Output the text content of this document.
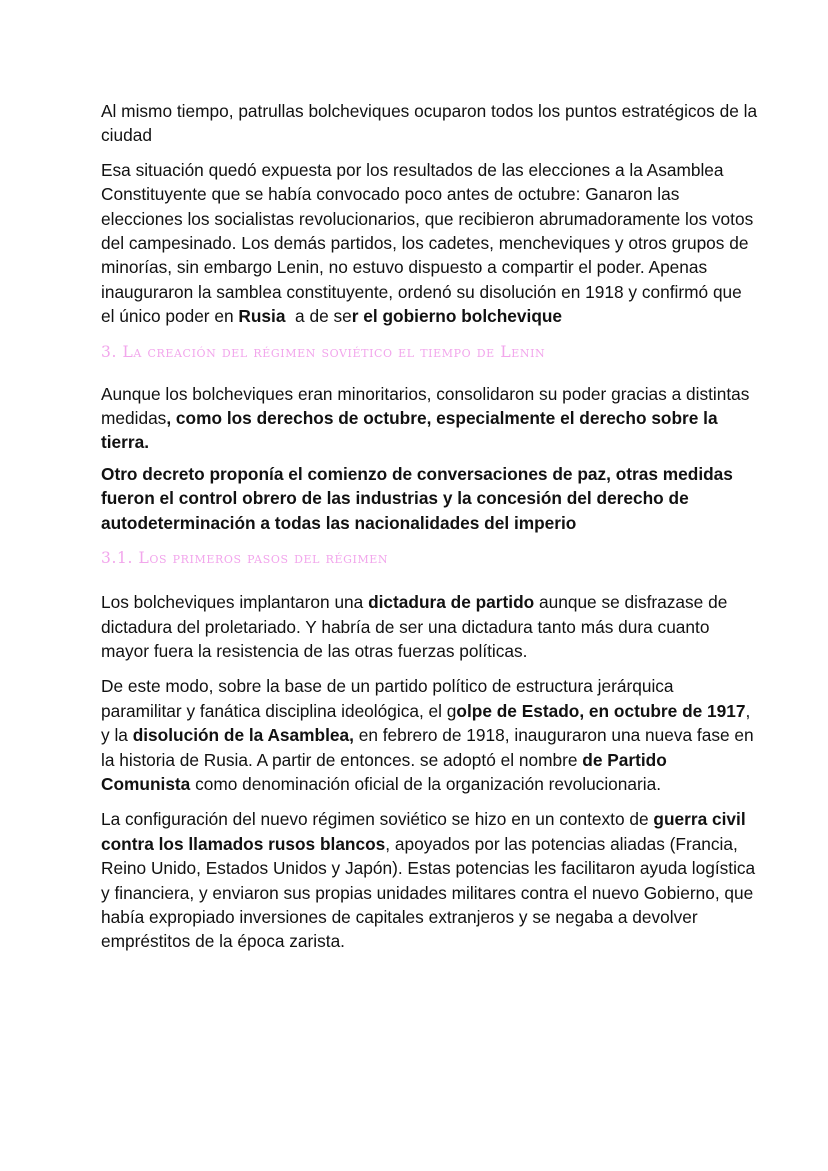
Al mismo tiempo, patrullas bolcheviques ocuparon todos los puntos estratégicos de la ciudad

Esa situación quedó expuesta por los resultados de las elecciones a la Asamblea Constituyente que se había convocado poco antes de octubre: Ganaron las elecciones los socialistas revolucionarios, que recibieron abrumadoramente los votos del campesinado. Los demás partidos, los cadetes, mencheviques y otros grupos de minorías, sin embargo Lenin, no estuvo dispuesto a compartir el poder. Apenas inauguraron la samblea constituyente, ordenó su disolución en 1918 y confirmó que el único poder en Rusia  a de ser el gobierno bolchevique

3. La creación del régimen soviético el tiempo de Lenin

Aunque los bolcheviques eran minoritarios, consolidaron su poder gracias a distintas medidas, como los derechos de octubre, especialmente el derecho sobre la tierra.

Otro decreto proponía el comienzo de conversaciones de paz, otras medidas fueron el control obrero de las industrias y la concesión del derecho de autodeterminación a todas las nacionalidades del imperio

3.1. Los primeros pasos del régimen

Los bolcheviques implantaron una dictadura de partido aunque se disfrazase de dictadura del proletariado. Y habría de ser una dictadura tanto más dura cuanto mayor fuera la resistencia de las otras fuerzas políticas.

De este modo, sobre la base de un partido político de estructura jerárquica paramilitar y fanática disciplina ideológica, el golpe de Estado, en octubre de 1917, y la disolución de la Asamblea, en febrero de 1918, inauguraron una nueva fase en la historia de Rusia. A partir de entonces. se adoptó el nombre de Partido Comunista como denominación oficial de la organización revolucionaria.

La configuración del nuevo régimen soviético se hizo en un contexto de guerra civil contra los llamados rusos blancos, apoyados por las potencias aliadas (Francia, Reino Unido, Estados Unidos y Japón). Estas potencias les facilitaron ayuda logística y financiera, y enviaron sus propias unidades militares contra el nuevo Gobierno, que había expropiado inversiones de capitales extranjeros y se negaba a devolver empréstitos de la época zarista.
